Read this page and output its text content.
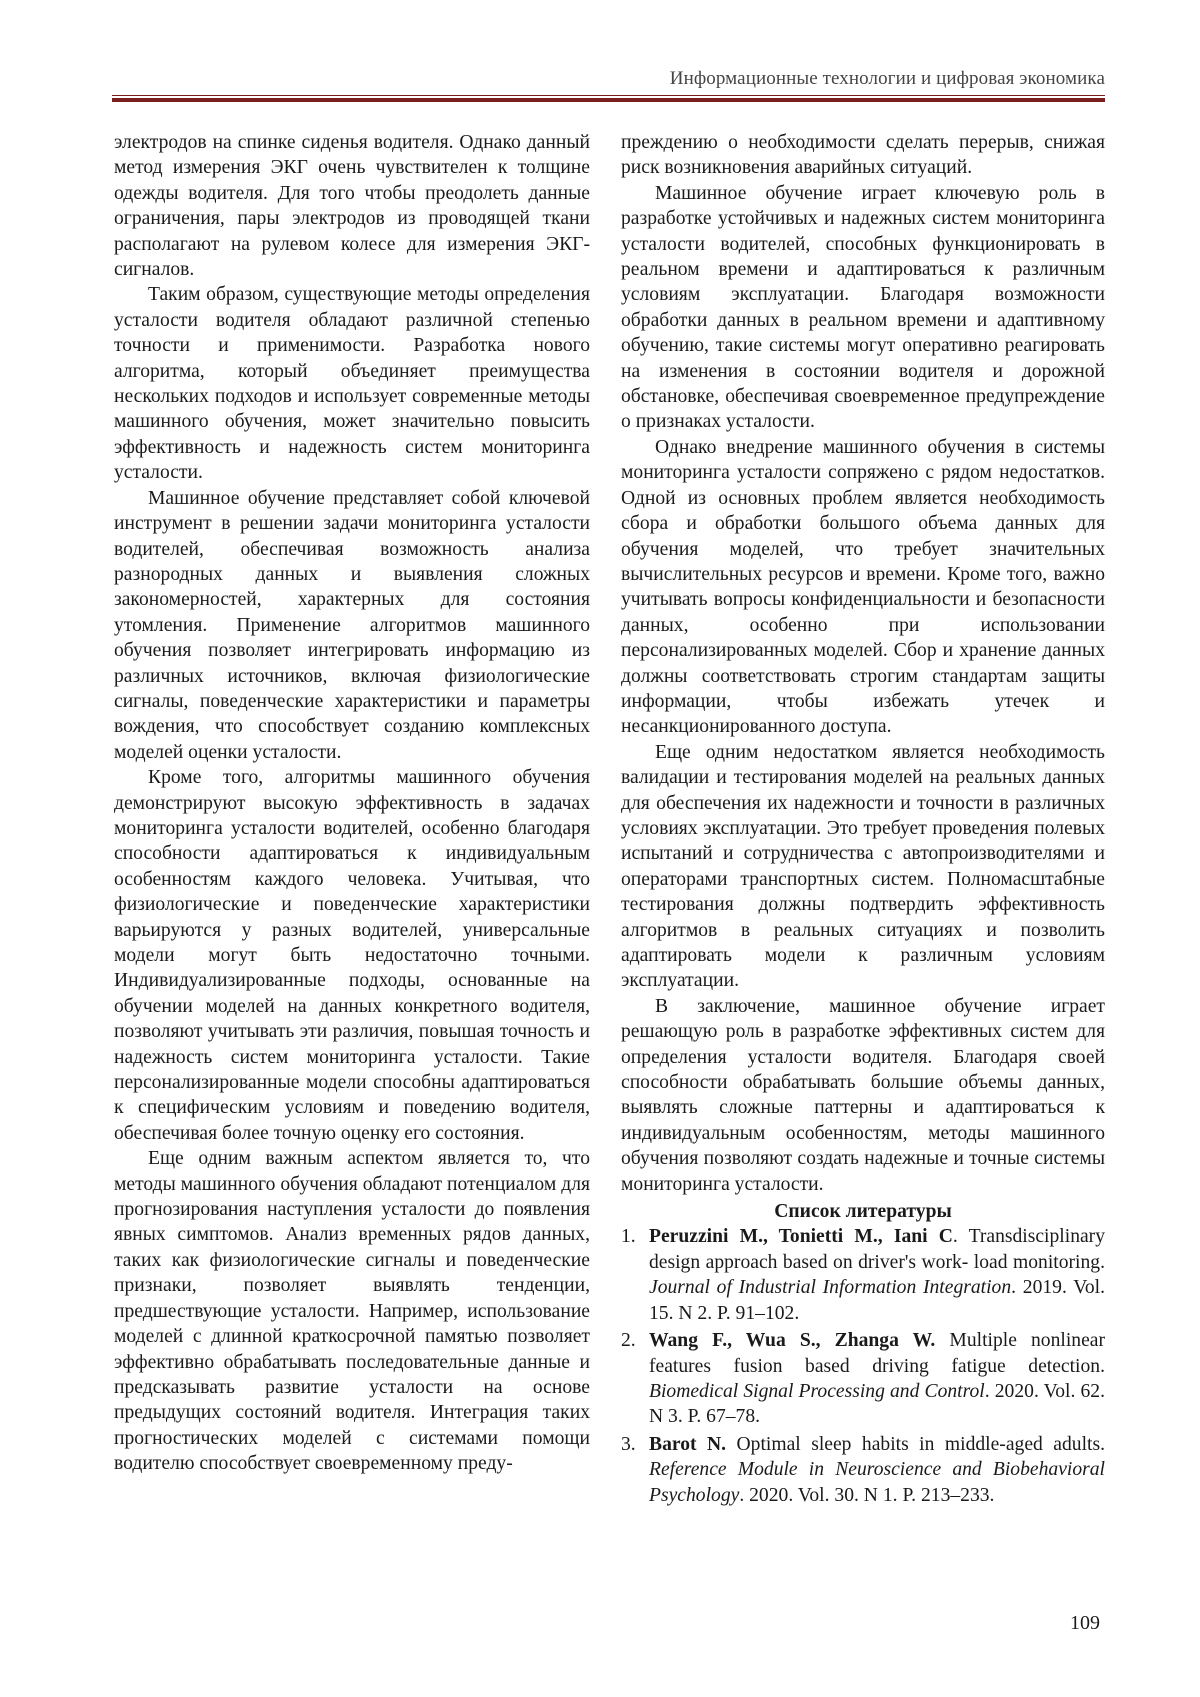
Информационные технологии и цифровая экономика

электродов на спинке сиденья водителя. Однако данный метод измерения ЭКГ очень чувствителен к толщине одежды водителя. Для того чтобы преодолеть данные ограничения, пары электродов из проводящей ткани располагают на рулевом колесе для измерения ЭКГ-сигналов.

Таким образом, существующие методы определения усталости водителя обладают различной степенью точности и применимости. Разработка нового алгоритма, который объединяет преимущества нескольких подходов и использует современные методы машинного обучения, может значительно повысить эффективность и надежность систем мониторинга усталости.

Машинное обучение представляет собой ключевой инструмент в решении задачи мониторинга усталости водителей, обеспечивая возможность анализа разнородных данных и выявления сложных закономерностей, характерных для состояния утомления. Применение алгоритмов машинного обучения позволяет интегрировать информацию из различных источников, включая физиологические сигналы, поведенческие характеристики и параметры вождения, что способствует созданию комплексных моделей оценки усталости.

Кроме того, алгоритмы машинного обучения демонстрируют высокую эффективность в задачах мониторинга усталости водителей, особенно благодаря способности адаптироваться к индивидуальным особенностям каждого человека. Учитывая, что физиологические и поведенческие характеристики варьируются у разных водителей, универсальные модели могут быть недостаточно точными. Индивидуализированные подходы, основанные на обучении моделей на данных конкретного водителя, позволяют учитывать эти различия, повышая точность и надежность систем мониторинга усталости. Такие персонализированные модели способны адаптироваться к специфическим условиям и поведению водителя, обеспечивая более точную оценку его состояния.

Еще одним важным аспектом является то, что методы машинного обучения обладают потенциалом для прогнозирования наступления усталости до появления явных симптомов. Анализ временных рядов данных, таких как физиологические сигналы и поведенческие признаки, позволяет выявлять тенденции, предшествующие усталости. Например, использование моделей с длинной краткосрочной памятью позволяет эффективно обрабатывать последовательные данные и предсказывать развитие усталости на основе предыдущих состояний водителя. Интеграция таких прогностических моделей с системами помощи водителю способствует своевременному преду-

преждению о необходимости сделать перерыв, снижая риск возникновения аварийных ситуаций.

Машинное обучение играет ключевую роль в разработке устойчивых и надежных систем мониторинга усталости водителей, способных функционировать в реальном времени и адаптироваться к различным условиям эксплуатации. Благодаря возможности обработки данных в реальном времени и адаптивному обучению, такие системы могут оперативно реагировать на изменения в состоянии водителя и дорожной обстановке, обеспечивая своевременное предупреждение о признаках усталости.

Однако внедрение машинного обучения в системы мониторинга усталости сопряжено с рядом недостатков. Одной из основных проблем является необходимость сбора и обработки большого объема данных для обучения моделей, что требует значительных вычислительных ресурсов и времени. Кроме того, важно учитывать вопросы конфиденциальности и безопасности данных, особенно при использовании персонализированных моделей. Сбор и хранение данных должны соответствовать строгим стандартам защиты информации, чтобы избежать утечек и несанкционированного доступа.

Еще одним недостатком является необходимость валидации и тестирования моделей на реальных данных для обеспечения их надежности и точности в различных условиях эксплуатации. Это требует проведения полевых испытаний и сотрудничества с автопроизводителями и операторами транспортных систем. Полномасштабные тестирования должны подтвердить эффективность алгоритмов в реальных ситуациях и позволить адаптировать модели к различным условиям эксплуатации.

В заключение, машинное обучение играет решающую роль в разработке эффективных систем для определения усталости водителя. Благодаря своей способности обрабатывать большие объемы данных, выявлять сложные паттерны и адаптироваться к индивидуальным особенностям, методы машинного обучения позволяют создать надежные и точные системы мониторинга усталости.

Список литературы
1. Peruzzini M., Tonietti M., Iani C. Transdisciplinary design approach based on driver's work- load monitoring. Journal of Industrial Information Integration. 2019. Vol. 15. N 2. P. 91–102.
2. Wang F., Wua S., Zhanga W. Multiple nonlinear features fusion based driving fatigue detection. Biomedical Signal Processing and Control. 2020. Vol. 62. N 3. P. 67–78.
3. Barot N. Optimal sleep habits in middle-aged adults. Reference Module in Neuroscience and Biobehavioral Psychology. 2020. Vol. 30. N 1. P. 213–233.
109
